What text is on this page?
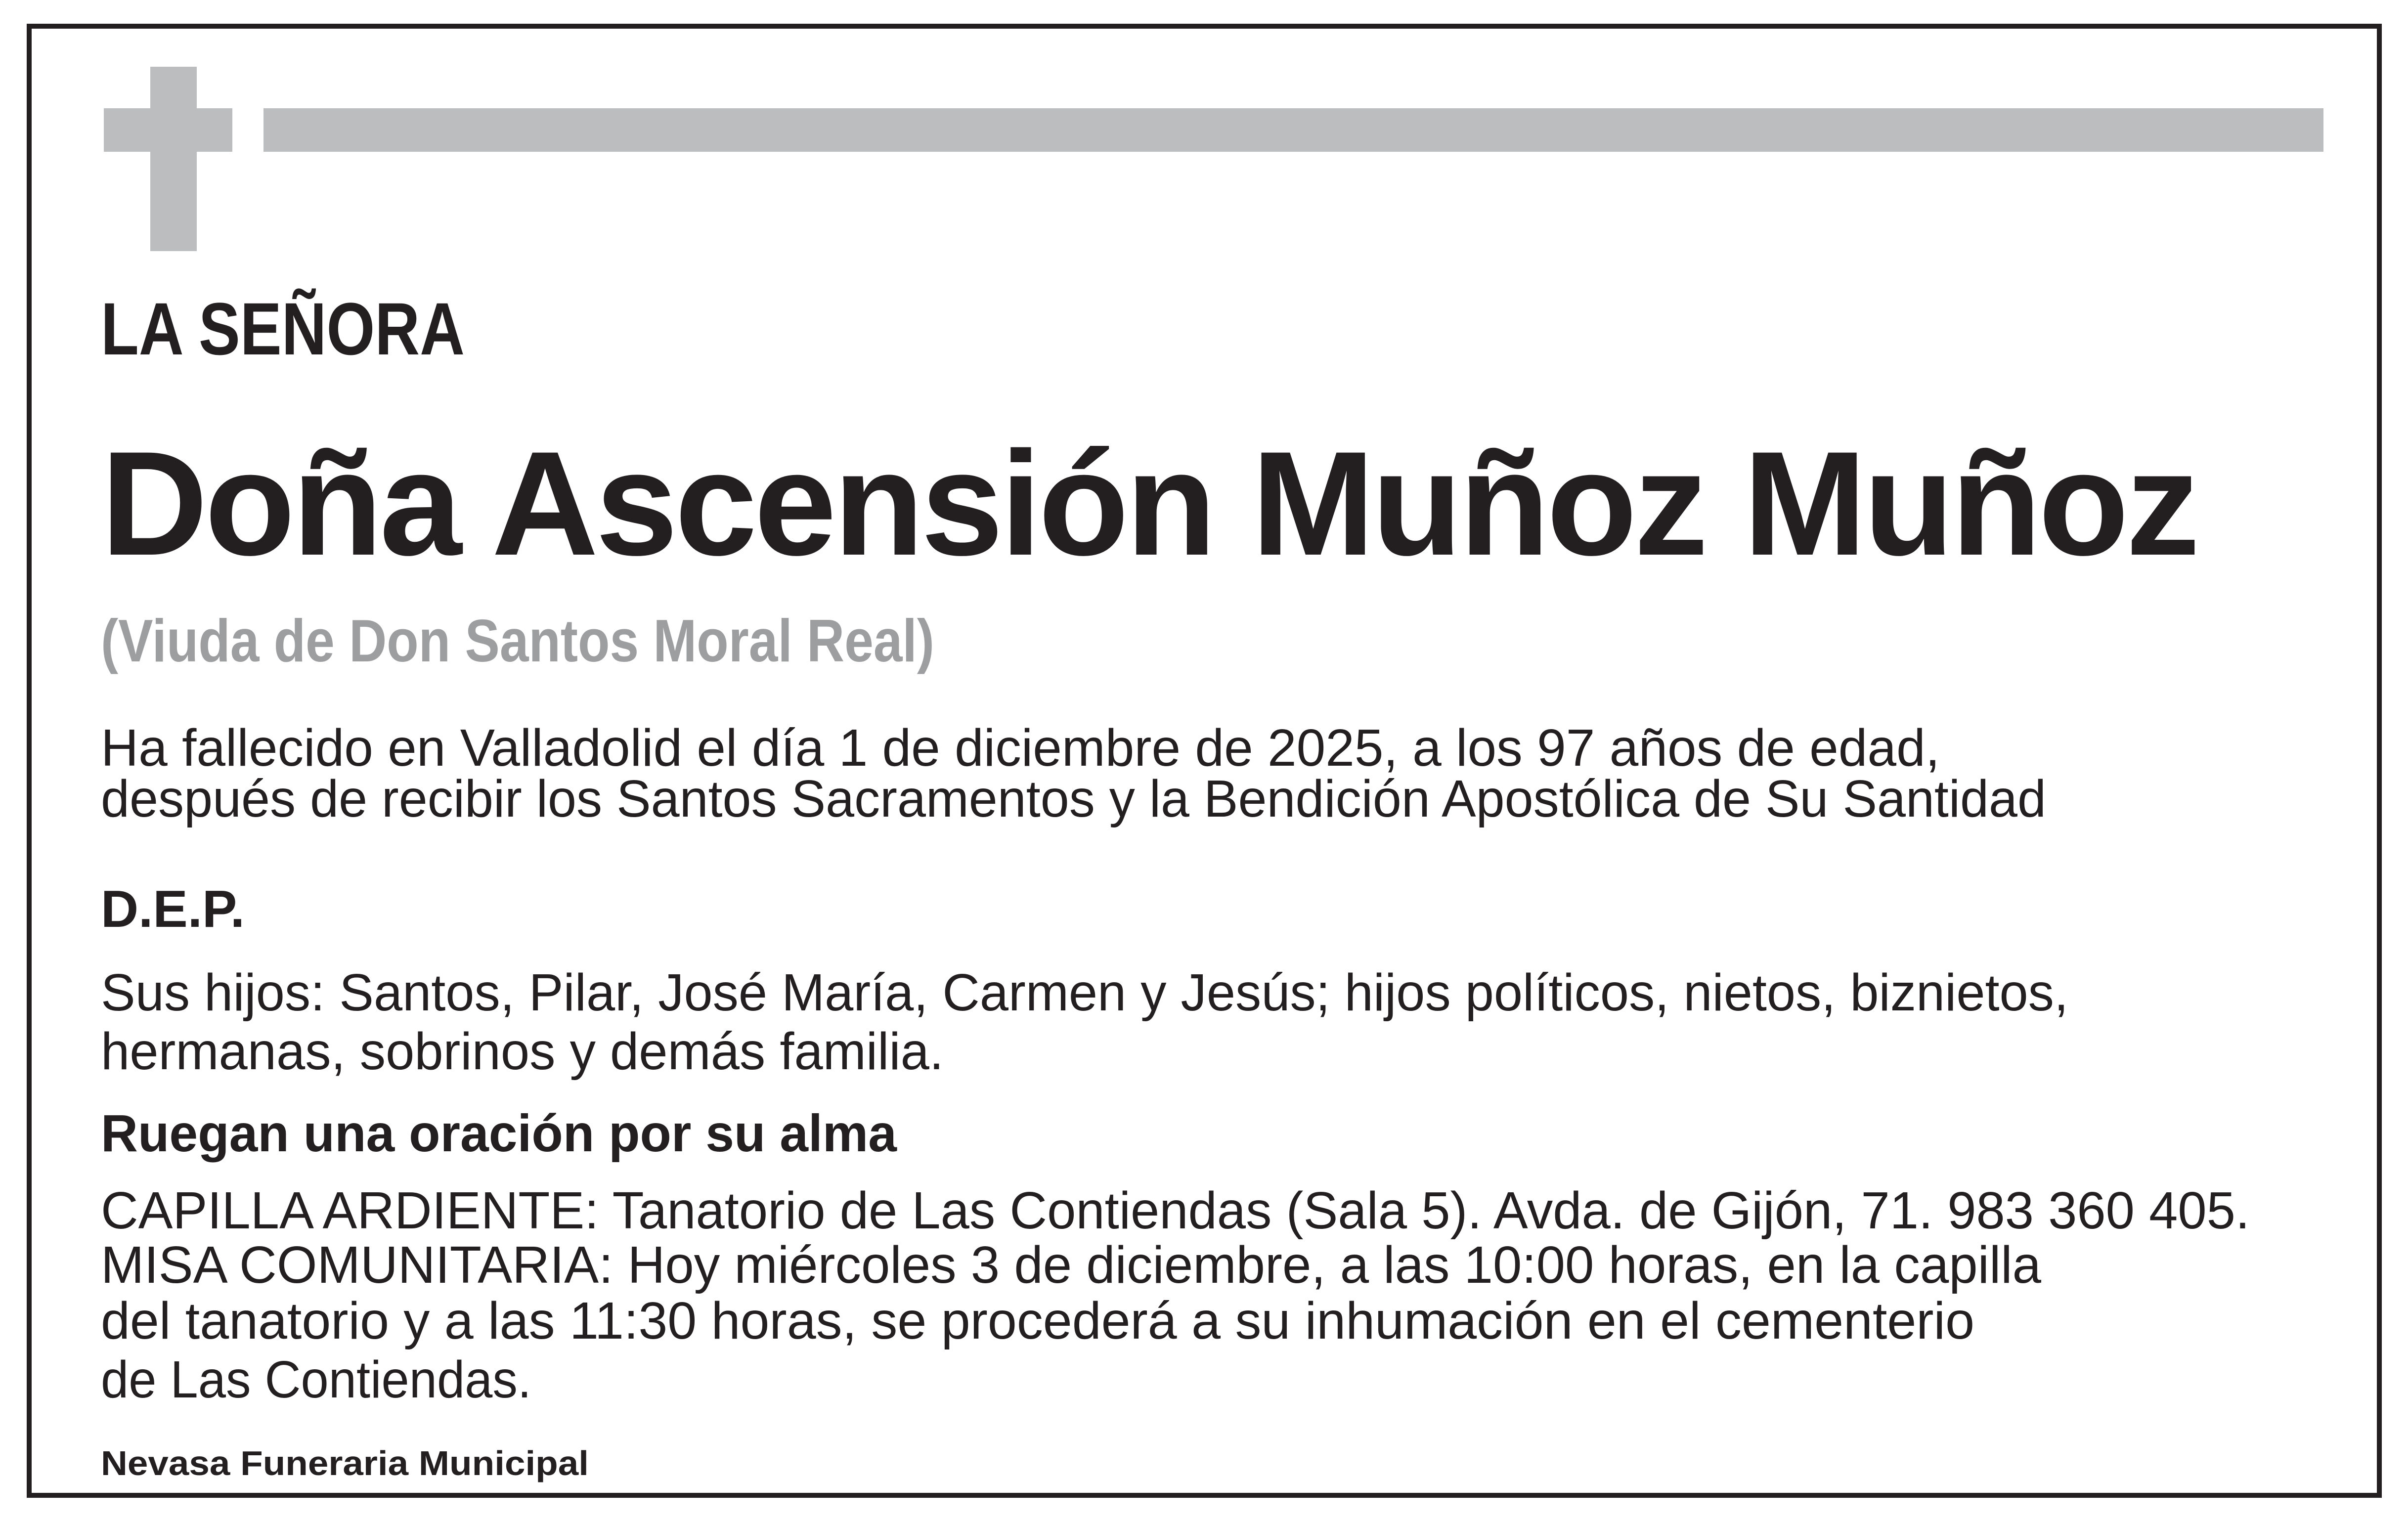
LA SEÑORA
Doña Ascensión Muñoz Muñoz
(Viuda de Don Santos Moral Real)
Ha fallecido en Valladolid el día 1 de diciembre de 2025, a los 97 años de edad,
después de recibir los Santos Sacramentos y la Bendición Apostólica de Su Santidad
D.E.P.
Sus hijos: Santos, Pilar, José María, Carmen y Jesús; hijos políticos, nietos, biznietos,
hermanas, sobrinos y demás familia.
Ruegan una oración por su alma
CAPILLA ARDIENTE: Tanatorio de Las Contiendas (Sala 5). Avda. de Gijón, 71. 983 360 405.
MISA COMUNITARIA: Hoy miércoles 3 de diciembre, a las 10:00 horas, en la capilla
del tanatorio y a las 11:30 horas, se procederá a su inhumación en el cementerio
de Las Contiendas.
Nevasa Funeraria Municipal
